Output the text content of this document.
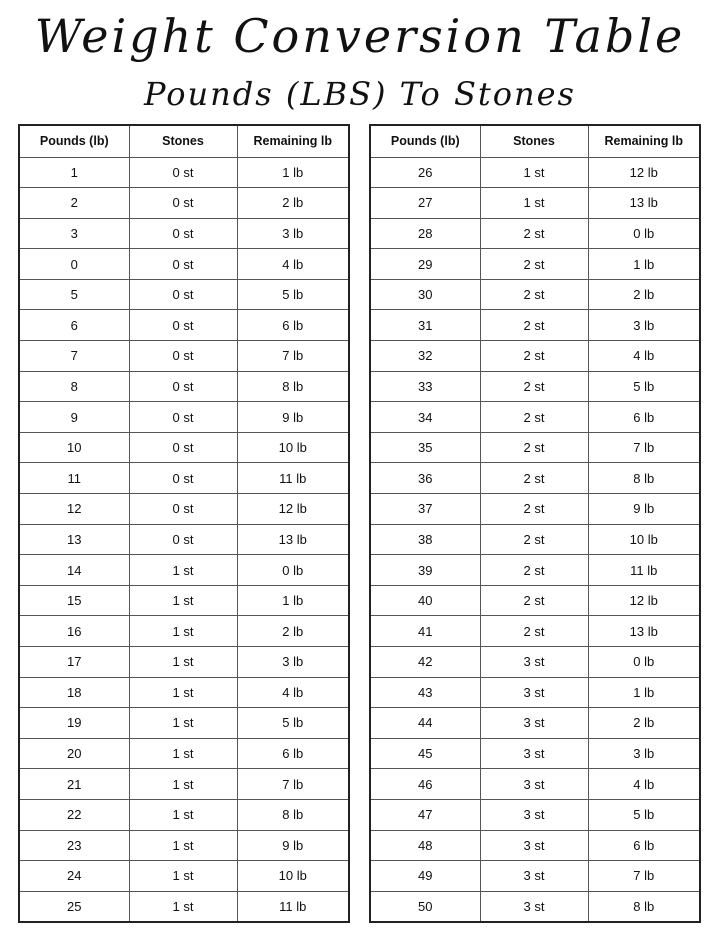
Weight Conversion Table
Pounds (LBS) To Stones
Pounds (lb)	Stones	Remaining lb
1	0 st	1 lb
2	0 st	2 lb
3	0 st	3 lb
0	0 st	4 lb
5	0 st	5 lb
6	0 st	6 lb
7	0 st	7 lb
8	0 st	8 lb
9	0 st	9 lb
10	0 st	10 lb
11	0 st	11 lb
12	0 st	12 lb
13	0 st	13 lb
14	1 st	0 lb
15	1 st	1 lb
16	1 st	2 lb
17	1 st	3 lb
18	1 st	4 lb
19	1 st	5 lb
20	1 st	6 lb
21	1 st	7 lb
22	1 st	8 lb
23	1 st	9 lb
24	1 st	10 lb
25	1 st	11 lb
Pounds (lb)	Stones	Remaining lb
26	1 st	12 lb
27	1 st	13 lb
28	2 st	0 lb
29	2 st	1 lb
30	2 st	2 lb
31	2 st	3 lb
32	2 st	4 lb
33	2 st	5 lb
34	2 st	6 lb
35	2 st	7 lb
36	2 st	8 lb
37	2 st	9 lb
38	2 st	10 lb
39	2 st	11 lb
40	2 st	12 lb
41	2 st	13 lb
42	3 st	0 lb
43	3 st	1 lb
44	3 st	2 lb
45	3 st	3 lb
46	3 st	4 lb
47	3 st	5 lb
48	3 st	6 lb
49	3 st	7 lb
50	3 st	8 lb
